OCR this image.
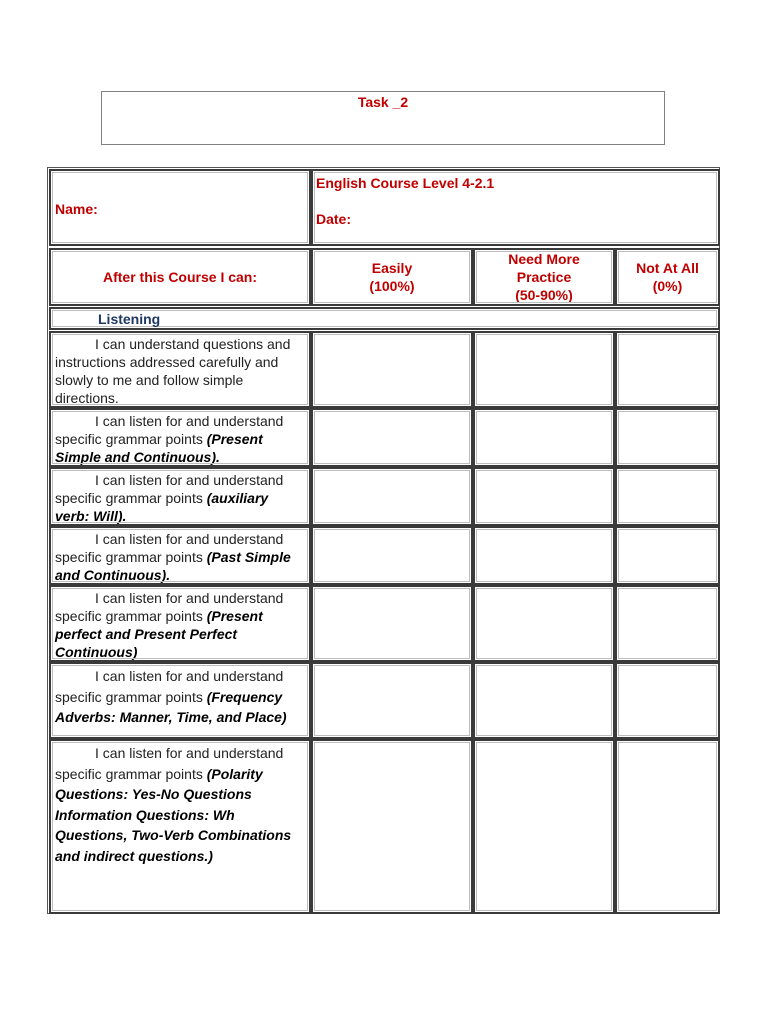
Task _2
Name:
English Course Level 4-2.1
Date:
After this Course I can:
Easily
(100%)
Need More
Practice
(50-90%)
Not At All
(0%)
Listening
I can understand questions and instructions addressed carefully and slowly to me and follow simple directions.
I can listen for and understand specific grammar points (Present Simple and Continuous).
I can listen for and understand specific grammar points (auxiliary verb: Will).
I can listen for and understand specific grammar points (Past Simple and Continuous).
I can listen for and understand specific grammar points (Present perfect and Present Perfect Continuous)
I can listen for and understand specific grammar points (Frequency Adverbs: Manner, Time, and Place)
I can listen for and understand specific grammar points (Polarity Questions: Yes-No Questions Information Questions: Wh Questions, Two-Verb Combinations and indirect questions.)
